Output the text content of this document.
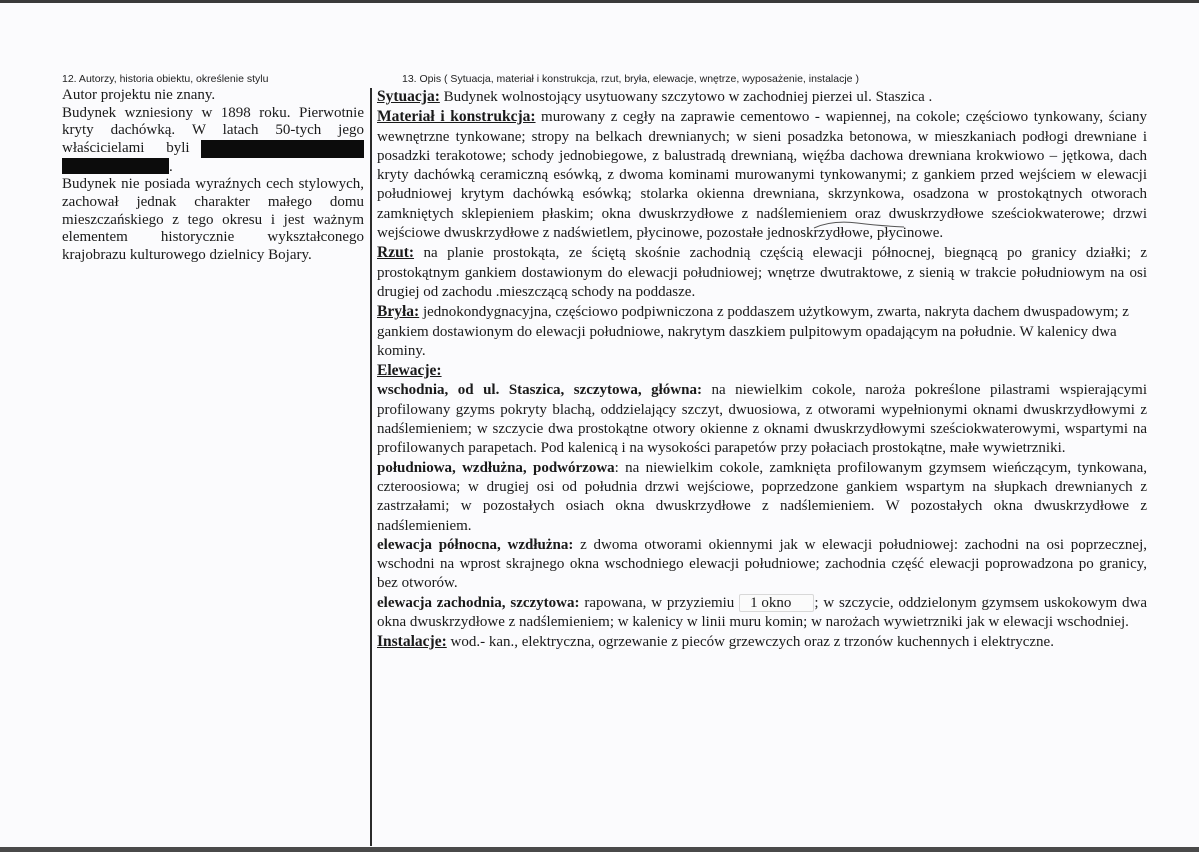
12. Autorzy, historia obiektu, określenie stylu	13. Opis ( Sytuacja, materiał i konstrukcja, rzut, bryła, elewacje, wnętrze, wyposażenie, instalacje )

Autor projektu nie znany.

Budynek wzniesiony w 1898 roku. Pierwotnie

kryty dachówką. W latach 50-tych jego

właścicielami byli

.

Budynek nie posiada wyraźnych cech stylowych, zachował jednak charakter małego domu mieszczańskiego z tego okresu i jest ważnym elementem historycznie wykształconego krajobrazu kulturowego dzielnicy Bojary.

Sytuacja: Budynek wolnostojący usytuowany szczytowo w zachodniej pierzei ul. Staszica .

Materiał i konstrukcja: murowany z cegły na zaprawie cementowo - wapiennej, na cokole; częściowo tynkowany, ściany wewnętrzne tynkowane; stropy na belkach drewnianych; w sieni posadzka betonowa, w mieszkaniach podłogi drewniane i posadzki terakotowe; schody jednobiegowe, z balustradą drewnianą, więźba dachowa drewniana krokwiowo – jętkowa, dach kryty dachówką ceramiczną esówką, z dwoma kominami murowanymi tynkowanymi; z gankiem przed wejściem w elewacji południowej krytym dachówką esówką; stolarka okienna drewniana, skrzynkowa, osadzona w prostokątnych otworach zamkniętych sklepieniem płaskim; okna dwuskrzydłowe z nadślemieniem oraz dwuskrzydłowe sześciokwaterowe; drzwi wejściowe dwuskrzydłowe z nadświetlem, płycinowe, pozostałe jednoskrzydłowe, płycinowe.

Rzut: na planie prostokąta, ze ściętą skośnie zachodnią częścią elewacji północnej, biegnącą po granicy działki; z prostokątnym gankiem dostawionym do elewacji południowej; wnętrze dwutraktowe, z sienią w trakcie południowym na osi drugiej od zachodu .mieszczącą schody na poddasze.

Bryła: jednokondygnacyjna, częściowo podpiwniczona z poddaszem użytkowym, zwarta, nakryta dachem dwuspadowym; z gankiem dostawionym do elewacji południowe, nakrytym daszkiem pulpitowym opadającym na południe. W kalenicy dwa kominy.

Elewacje:

wschodnia, od ul. Staszica, szczytowa, główna: na niewielkim cokole, naroża pokreślone pilastrami wspierającymi profilowany gzyms pokryty blachą, oddzielający szczyt, dwuosiowa, z otworami wypełnionymi oknami dwuskrzydłowymi z nadślemieniem; w szczycie dwa prostokątne otwory okienne z oknami dwuskrzydłowymi sześciokwaterowymi, wspartymi na profilowanych parapetach. Pod kalenicą i na wysokości parapetów przy połaciach prostokątne, małe wywietrzniki.

południowa, wzdłużna, podwórzowa: na niewielkim cokole, zamknięta profilowanym gzymsem wieńczącym, tynkowana, czteroosiowa; w drugiej osi od południa drzwi wejściowe, poprzedzone gankiem wspartym na słupkach drewnianych z zastrzałami; w pozostałych osiach okna dwuskrzydłowe z nadślemieniem. W pozostałych okna dwuskrzydłowe z nadślemieniem.

elewacja północna, wzdłużna: z dwoma otworami okiennymi jak w elewacji południowej: zachodni na osi poprzecznej, wschodni na wprost skrajnego okna wschodniego elewacji południowe; zachodnia część elewacji poprowadzona po granicy, bez otworów.

elewacja zachodnia, szczytowa: rapowana, w przyziemiu 1 okno ; w szczycie, oddzielonym gzymsem uskokowym dwa okna dwuskrzydłowe z nadślemieniem; w kalenicy w linii muru komin; w narożach wywietrzniki jak w elewacji wschodniej.

Instalacje: wod.- kan., elektryczna, ogrzewanie z pieców grzewczych oraz z trzonów kuchennych i elektryczne.
